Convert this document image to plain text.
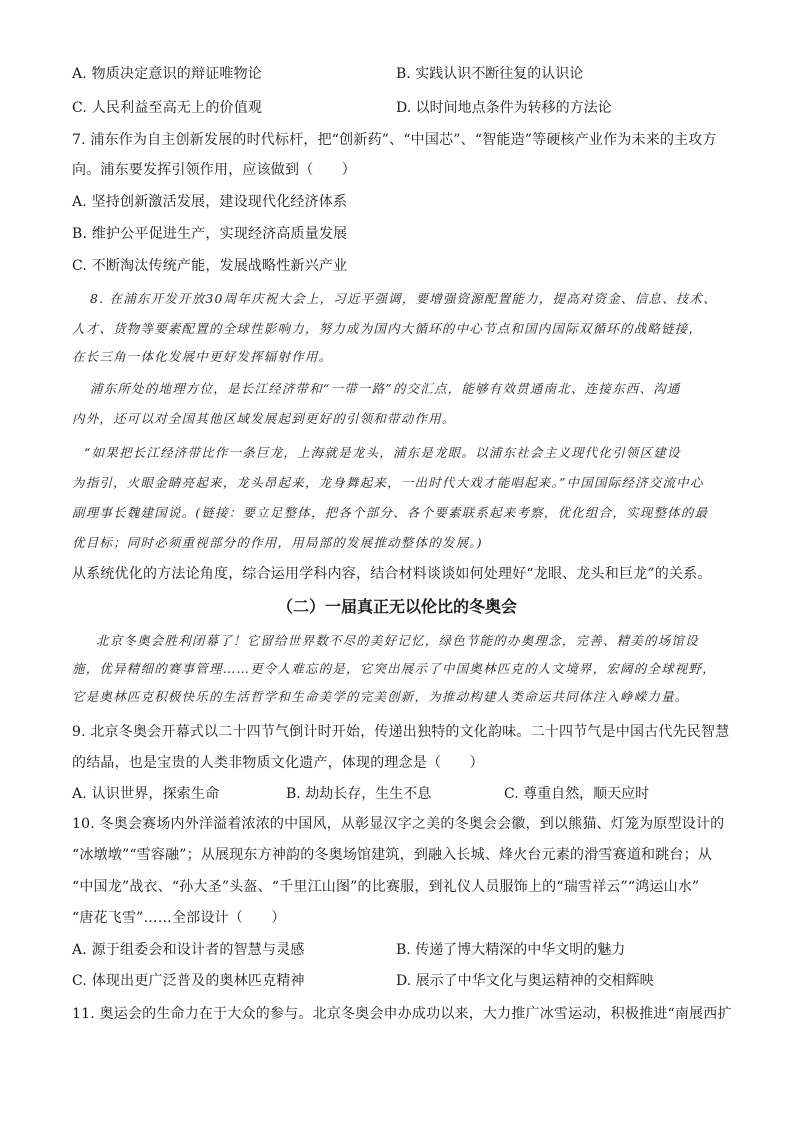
A. 物质决定意识的辩证唯物论	B. 实践认识不断往复的认识论
C. 人民利益至高无上的价值观	D. 以时间地点条件为转移的方法论
7. 浦东作为自主创新发展的时代标杆，把“创新药”、“中国芯”、“智能造”等硬核产业作为未来的主攻方
向。浦东要发挥引领作用，应该做到（　　）
A. 坚持创新激活发展，建设现代化经济体系
B. 维护公平促进生产，实现经济高质量发展
C. 不断淘汰传统产能，发展战略性新兴产业
8. 在浦东开发开放30周年庆祝大会上，习近平强调，要增强资源配置能力，提高对资金、信息、技术、
人才、货物等要素配置的全球性影响力，努力成为国内大循环的中心节点和国内国际双循环的战略链接，
在长三角一体化发展中更好发挥辐射作用。
浦东所处的地理方位，是长江经济带和“一带一路”的交汇点，能够有效贯通南北、连接东西、沟通
内外，还可以对全国其他区域发展起到更好的引领和带动作用。
“如果把长江经济带比作一条巨龙，上海就是龙头，浦东是龙眼。以浦东社会主义现代化引领区建设
为指引，火眼金睛亮起来，龙头昂起来，龙身舞起来，一出时代大戏才能唱起来。”中国国际经济交流中心
副理事长魏建国说。(链接：要立足整体，把各个部分、各个要素联系起来考察，优化组合，实现整体的最
优目标；同时必须重视部分的作用，用局部的发展推动整体的发展。)
从系统优化的方法论角度，综合运用学科内容，结合材料谈谈如何处理好“龙眼、龙头和巨龙”的关系。
（二）一届真正无以伦比的冬奥会
北京冬奥会胜利闭幕了！它留给世界数不尽的美好记忆，绿色节能的办奥理念，完善、精美的场馆设
施，优异精细的赛事管理……更令人难忘的是，它突出展示了中国奥林匹克的人文境界，宏阔的全球视野，
它是奥林匹克积极快乐的生活哲学和生命美学的完美创新，为推动构建人类命运共同体注入峥嵘力量。
9. 北京冬奥会开幕式以二十四节气倒计时开始，传递出独特的文化韵味。二十四节气是中国古代先民智慧
的结晶，也是宝贵的人类非物质文化遗产，体现的理念是（　　）
A. 认识世界，探索生命	B. 劫劫长存，生生不息	C. 尊重自然，顺天应时
10. 冬奥会赛场内外洋溢着浓浓的中国风，从彰显汉字之美的冬奥会会徽，到以熊猫、灯笼为原型设计的
“冰墩墩”“雪容融”；从展现东方神韵的冬奥场馆建筑，到融入长城、烽火台元素的滑雪赛道和跳台；从
“中国龙”战衣、“孙大圣”头盔、“千里江山图”的比赛服，到礼仪人员服饰上的“瑞雪祥云”“鸿运山水”
“唐花飞雪”……全部设计（　　）
A. 源于组委会和设计者的智慧与灵感	B. 传递了博大精深的中华文明的魅力
C. 体现出更广泛普及的奥林匹克精神	D. 展示了中华文化与奥运精神的交相辉映
11. 奥运会的生命力在于大众的参与。北京冬奥会申办成功以来，大力推广冰雪运动，积极推进“南展西扩
